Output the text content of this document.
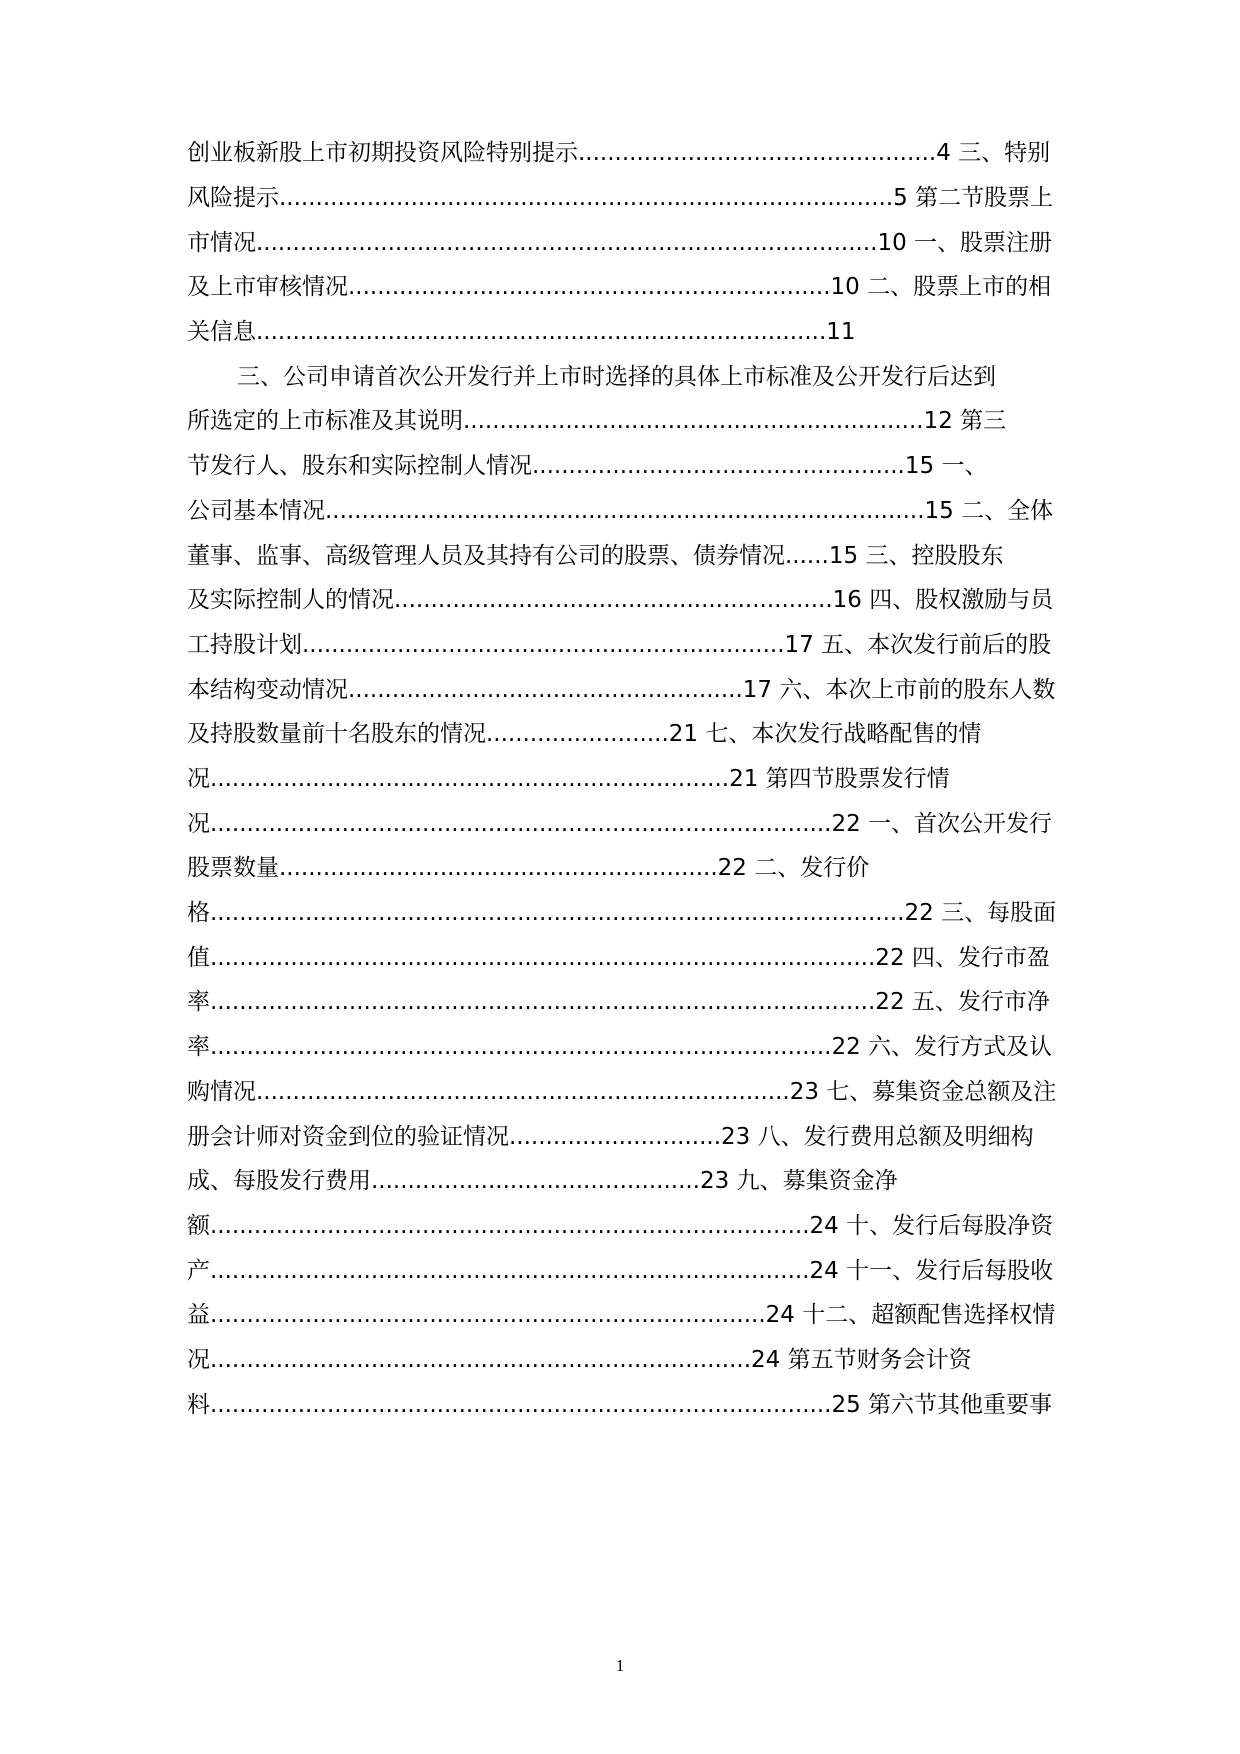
创业板新股上市初期投资风险特别提示.................................................4 三、特别
风险提示....................................................................................5 第二节股票上
市情况.....................................................................................10 一、股票注册
及上市审核情况..................................................................10 二、股票上市的相
关信息..............................................................................11
三、公司申请首次公开发行并上市时选择的具体上市标准及公开发行后达到
所选定的上市标准及其说明...............................................................12 第三
节发行人、股东和实际控制人情况...................................................15 一、
公司基本情况..................................................................................15 二、全体
董事、监事、高级管理人员及其持有公司的股票、债券情况......15 三、控股股东
及实际控制人的情况............................................................16 四、股权激励与员
工持股计划..................................................................17 五、本次发行前后的股
本结构变动情况......................................................17 六、本次上市前的股东人数
及持股数量前十名股东的情况.........................21 七、本次发行战略配售的情
况.......................................................................21 第四节股票发行情
况.....................................................................................22 一、首次公开发行
股票数量............................................................22 二、发行价
格...............................................................................................22 三、每股面
值...........................................................................................22 四、发行市盈
率...........................................................................................22 五、发行市净
率.....................................................................................22 六、发行方式及认
购情况.........................................................................23 七、募集资金总额及注
册会计师对资金到位的验证情况.............................23 八、发行费用总额及明细构
成、每股发行费用.............................................23 九、募集资金净
额..................................................................................24 十、发行后每股净资
产..................................................................................24 十一、发行后每股收
益............................................................................24 十二、超额配售选择权情
况..........................................................................24 第五节财务会计资
料.....................................................................................25 第六节其他重要事
1
